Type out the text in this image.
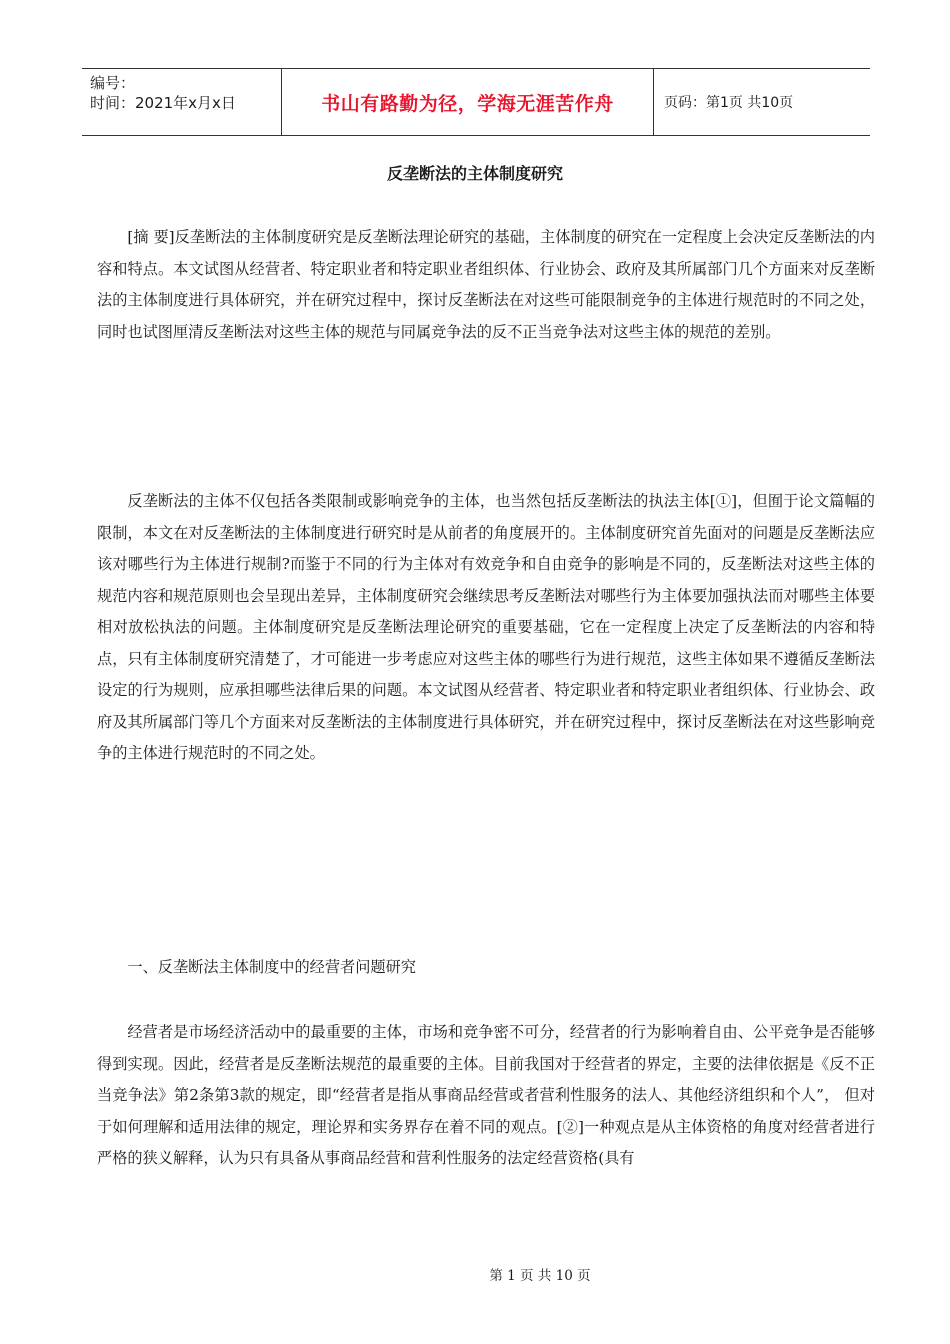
编号：
时间：2021年x月x日	书山有路勤为径，学海无涯苦作舟	页码：第1页 共10页
反垄断法的主体制度研究

[摘 要]反垄断法的主体制度研究是反垄断法理论研究的基础，主体制度的研究在一定程度上会决定反垄断法的内容和特点。本文试图从经营者、特定职业者和特定职业者组织体、行业协会、政府及其所属部门几个方面来对反垄断法的主体制度进行具体研究，并在研究过程中，探讨反垄断法在对这些可能限制竞争的主体进行规范时的不同之处，同时也试图厘清反垄断法对这些主体的规范与同属竞争法的反不正当竞争法对这些主体的规范的差别。

反垄断法的主体不仅包括各类限制或影响竞争的主体，也当然包括反垄断法的执法主体[①]，但囿于论文篇幅的限制，本文在对反垄断法的主体制度进行研究时是从前者的角度展开的。主体制度研究首先面对的问题是反垄断法应该对哪些行为主体进行规制?而鉴于不同的行为主体对有效竞争和自由竞争的影响是不同的，反垄断法对这些主体的规范内容和规范原则也会呈现出差异，主体制度研究会继续思考反垄断法对哪些行为主体要加强执法而对哪些主体要相对放松执法的问题。主体制度研究是反垄断法理论研究的重要基础，它在一定程度上决定了反垄断法的内容和特点，只有主体制度研究清楚了，才可能进一步考虑应对这些主体的哪些行为进行规范，这些主体如果不遵循反垄断法设定的行为规则，应承担哪些法律后果的问题。本文试图从经营者、特定职业者和特定职业者组织体、行业协会、政府及其所属部门等几个方面来对反垄断法的主体制度进行具体研究，并在研究过程中，探讨反垄断法在对这些影响竞争的主体进行规范时的不同之处。

一、反垄断法主体制度中的经营者问题研究

经营者是市场经济活动中的最重要的主体，市场和竞争密不可分，经营者的行为影响着自由、公平竞争是否能够得到实现。因此，经营者是反垄断法规范的最重要的主体。目前我国对于经营者的界定，主要的法律依据是《反不正当竞争法》第2条第3款的规定，即“经营者是指从事商品经营或者营利性服务的法人、其他经济组织和个人”， 但对于如何理解和适用法律的规定，理论界和实务界存在着不同的观点。[②]一种观点是从主体资格的角度对经营者进行严格的狭义解释，认为只有具备从事商品经营和营利性服务的法定经营资格(具有

第 1 页 共 10 页
